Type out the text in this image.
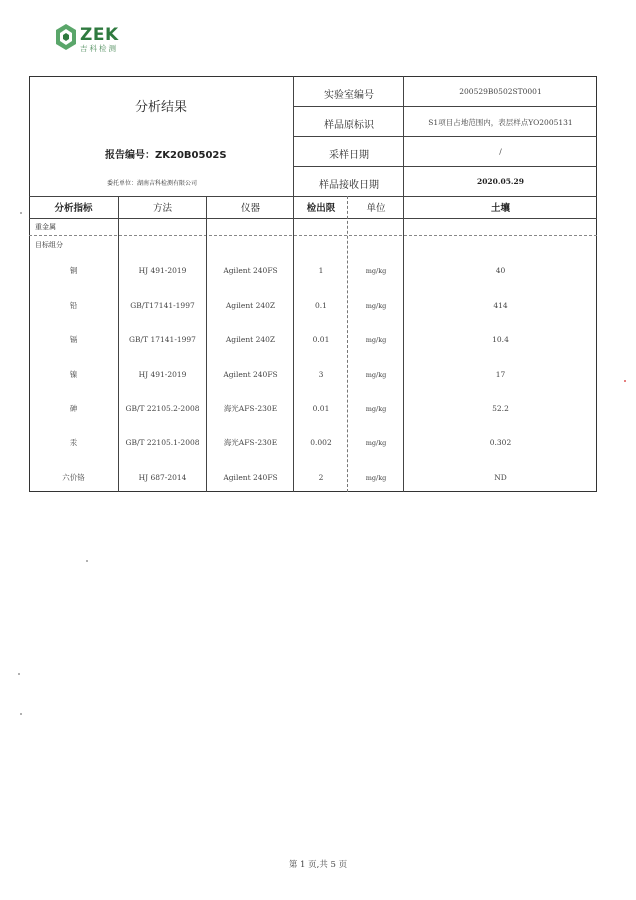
ZEK
吉科检测
分析结果
报告编号：ZK20B0502S
委托单位：湖南吉科检测有限公司
实验室编号	200529B0502ST0001
样品原标识	S1项目占地范围内，表层样点YO2005131
采样日期	/
样品接收日期	2020.05.29
分析指标	方法	仪器	检出限	单位	土壤
重金属
目标组分
铜	HJ 491-2019	Agilent 240FS	1	mg/kg	40
铅	GB/T17141-1997	Agilent 240Z	0.1	mg/kg	414
镉	GB/T 17141-1997	Agilent 240Z	0.01	mg/kg	10.4
镍	HJ 491-2019	Agilent 240FS	3	mg/kg	17
砷	GB/T 22105.2-2008	海光AFS-230E	0.01	mg/kg	52.2
汞	GB/T 22105.1-2008	海光AFS-230E	0.002	mg/kg	0.302
六价铬	HJ 687-2014	Agilent 240FS	2	mg/kg	ND
第 1 页,共 5 页
